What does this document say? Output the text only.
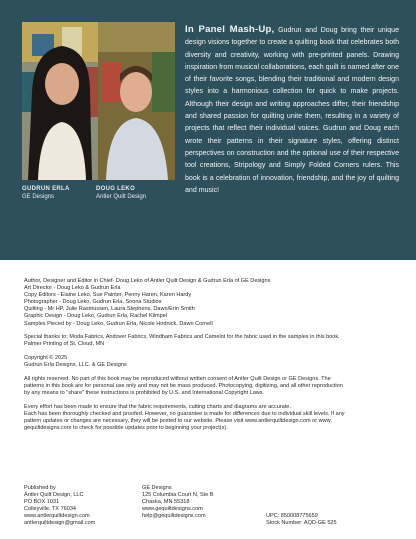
GUDRUN ERLA
GE Designs
DOUG LEKO
Antler Quilt Design

In Panel Mash-Up, Gudrun and Doug bring their unique design visions together to create a quilting book that celebrates both diversity and creativity, working with pre-printed panels. Drawing inspiration from musical collaborations, each quilt is named after one of their favorite songs, blending their traditional and modern design styles into a harmonious collection for quick to make projects. Although their design and writing approaches differ, their friendship and shared passion for quilting unite them, resulting in a variety of projects that reflect their individual voices. Gudrun and Doug each wrote their patterns in their signature styles, offering distinct perspectives on construction and the optional use of their respective tool creations, Stripology and Simply Folded Corners rulers. This book is a celebration of innovation, friendship, and the joy of quilting and music!

Author, Designer and Editor in Chief- Doug Leko of Antler Quilt Design & Gudrun Erla of GE Designs
Art Director - Doug Leko & Gudrun Erla
Copy Editors - Elaine Leko, Sue Painter, Penny Haren, Karen Hardy
Photographer - Doug Leko, Gudrun Erla, Soona Studios
Quilting - Mr HP, Julie Rasmussen, Laura Stephens, Dawn/Erin Smith
Graphic Design - Doug Leko, Gudrun Erla, Rachel Klimpel
Samples Pieced by - Doug Leko, Gudrun Erla, Nicole Hodnick, Dawn Cornell

Special thanks to; Moda Fabrics, Andover Fabrics, Windham Fabrics and Camelot for the fabric used in the samples in this book.
Palmer Printing of St. Cloud, MN

Copyright © 2025
Gudrun Erla Designs, LLC. & GE Designs

All rights reserved. No part of this book may be reproduced without written consent of Antler Quilt Design or GE Designs. The
patterns in this book are for personal use only and may not be mass produced. Photocopying, digitizing, and all other reproduction
by any means to "share" these instructions is prohibited by U.S. and International Copyright Laws.

Every effort has been made to ensure that the fabric requirements, cutting charts and diagrams are accurate.
Each has been thoroughly checked and proofed. However, no guarantee is made for differences due to individual skill levels. If any
pattern updates or changes are necessary, they will be posted to our website. Please visit www.antlerquiltdesign.com or www.
gequiltdesigns.com to check for possible updates prior to beginning your project(s).

Published by
Antler Quilt Design, LLC
PO BOX 1031
Colleyville, TX 76034
www.antlerquiltdesign.com
antlerquiltdesign@gmail.com
GE Designs
125 Columbia Court N, Ste B
Chaska, MN 55318
www.gequiltdesigns.com
help@gequiltdesigns.com	UPC: 850008775659
Stock Number: AQD-GE 525
